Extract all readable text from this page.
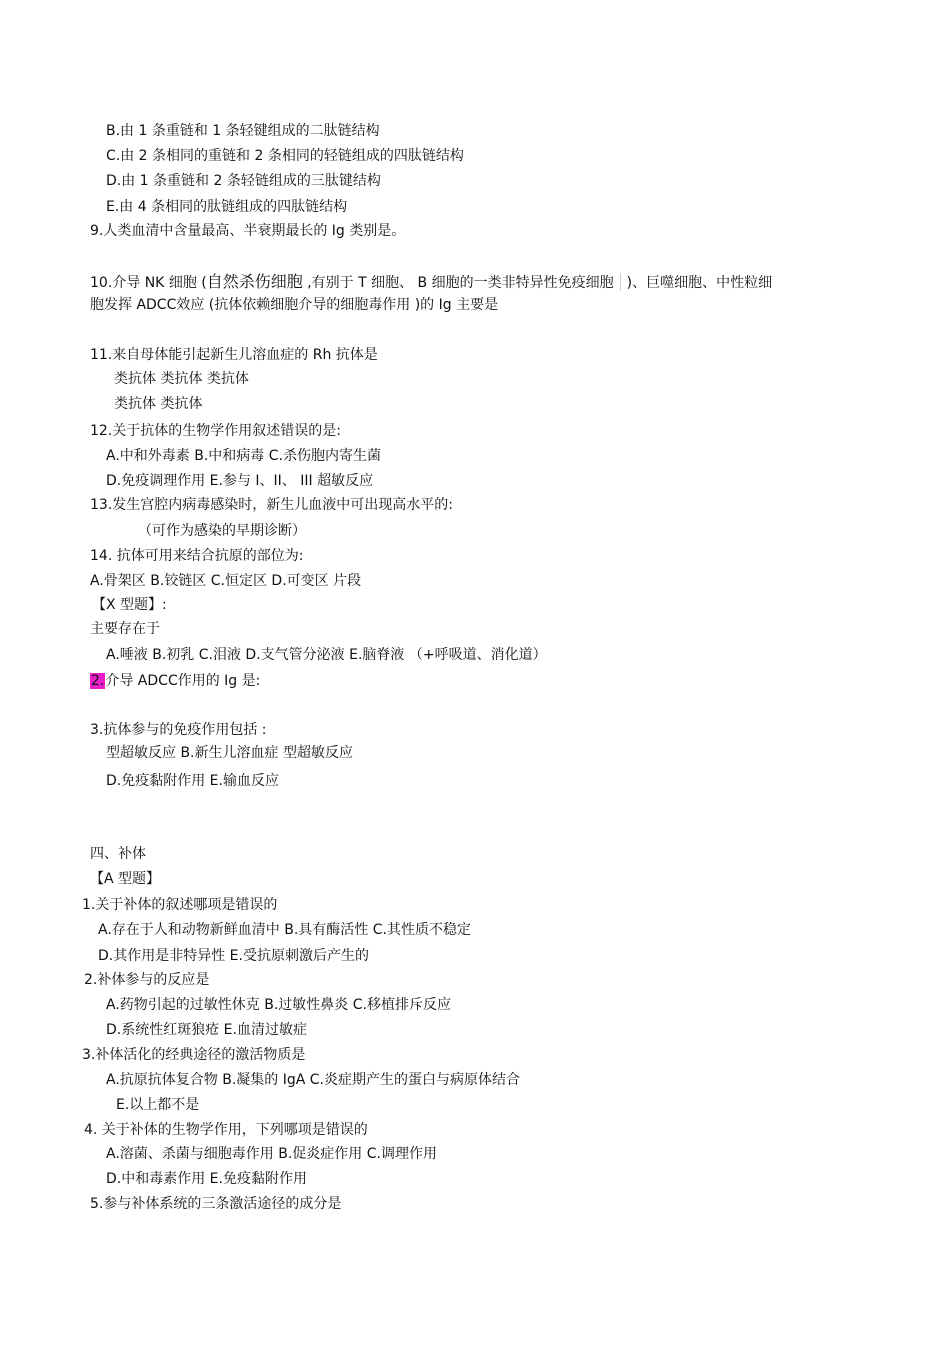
B.由 1 条重链和 1 条轻键组成的二肽链结构
C.由 2 条相同的重链和 2 条相同的轻链组成的四肽链结构
D.由 1 条重链和 2 条轻链组成的三肽键结构
E.由 4 条相同的肽链组成的四肽链结构
9.人类血清中含量最高、半衰期最长的 Ig 类别是。
10.介导 NK 细胞 (自然杀伤细胞 ,有别于 T 细胞、 B 细胞的一类非特异性免疫细胞 )、巨噬细胞、中性粒细
胞发挥 ADCC效应 (抗体依赖细胞介导的细胞毒作用 )的 Ig 主要是
11.来自母体能引起新生儿溶血症的 Rh 抗体是
类抗体 类抗体 类抗体
类抗体 类抗体
12.关于抗体的生物学作用叙述错误的是:
A.中和外毒素 B.中和病毒 C.杀伤胞内寄生菌
D.免疫调理作用 E.参与 I、II、 III 超敏反应
13.发生宫腔内病毒感染时，新生儿血液中可出现高水平的:
（可作为感染的早期诊断）
14. 抗体可用来结合抗原的部位为:
A.骨架区 B.铰链区 C.恒定区 D.可变区 片段
【X 型题】:
主要存在于
A.唾液 B.初乳 C.泪液 D.支气管分泌液 E.脑脊液 （+呼吸道、消化道）
2.介导 ADCC作用的 Ig 是:
3.抗体参与的免疫作用包括 :
型超敏反应 B.新生儿溶血症 型超敏反应
D.免疫黏附作用 E.输血反应
四、补体
【A 型题】
1.关于补体的叙述哪项是错误的
A.存在于人和动物新鲜血清中 B.具有酶活性 C.其性质不稳定
D.其作用是非特异性 E.受抗原刺激后产生的
2.补体参与的反应是
A.药物引起的过敏性休克 B.过敏性鼻炎 C.移植排斥反应
D.系统性红斑狼疮 E.血清过敏症
3.补体活化的经典途径的激活物质是
A.抗原抗体复合物 B.凝集的 IgA C.炎症期产生的蛋白与病原体结合
E.以上都不是
4. 关于补体的生物学作用，下列哪项是错误的
A.溶菌、杀菌与细胞毒作用 B.促炎症作用 C.调理作用
D.中和毒素作用 E.免疫黏附作用
5.参与补体系统的三条激活途径的成分是
